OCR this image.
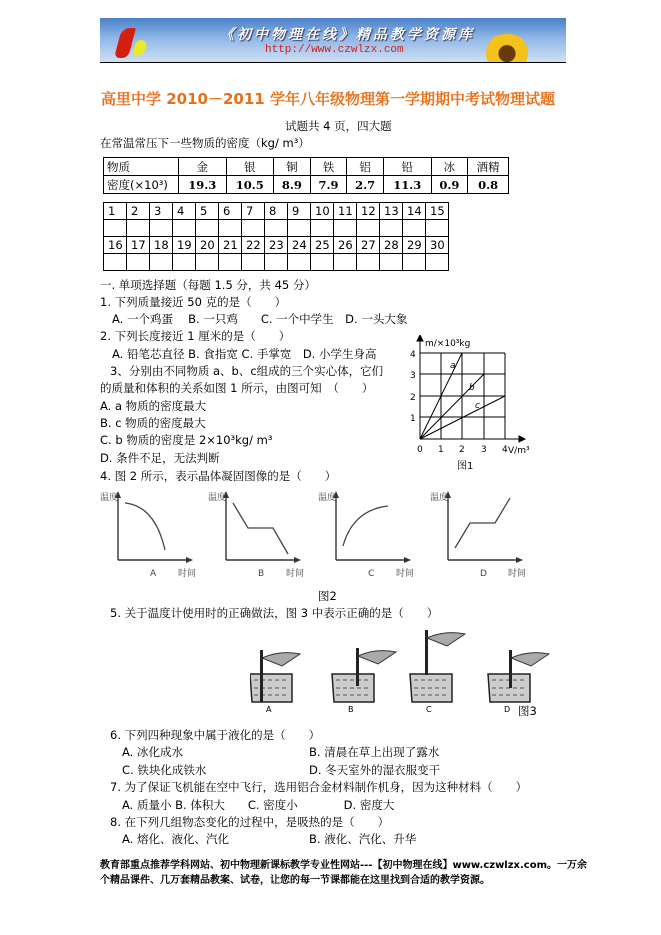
《初中物理在线》精品教学资源库
http://www.czwlzx.com
高里中学 2010－2011 学年八年级物理第一学期期中考试物理试题
试题共 4 页，四大题
在常温常压下一些物质的密度（kg/ m³）
物质	金	银	铜	铁	铝	铅	冰	酒精
密度(×10³)	19.3	10.5	8.9	7.9	2.7	11.3	0.9	0.8
1	2	3	4	5	6	7	8	9	10	11	12	13	14	15

16	17	18	19	20	21	22	23	24	25	26	27	28	29	30

一. 单项选择题（每题 1.5 分，共 45 分）
1. 下列质量接近 50 克的是（　　）
A. 一个鸡蛋　 B. 一只鸡　　C. 一个中学生　D. 一头大象
2. 下列长度接近 1 厘米的是（　　）
A. 铅笔芯直径 B. 食指宽 C. 手掌宽　D. 小学生身高
3、分别由不同物质 a、b、c组成的三个实心体，它们
的质量和体积的关系如图 1 所示，由图可知　（　　）
A. a 物质的密度最大
B. c 物质的密度最大
C. b 物质的密度是 2×10³kg/ m³
D. 条件不足，无法判断
m/×10³kg
V/m³
4
3
2
1
0 1 2 3 4
a
b
c
图1
4. 图 2 所示，表示晶体凝固图像的是（　　）
温度
时间
A
温度
时间
B
温度
时间
C
温度
时间
D
图2
5. 关于温度计使用时的正确做法，图 3 中表示正确的是（　　）
A	B	C	D 图3
6. 下列四种现象中属于液化的是（　　）
A. 冰化成水	B. 清晨在草上出现了露水
C. 铁块化成铁水	D. 冬天室外的湿衣服变干
7. 为了保证飞机能在空中飞行，选用铝合金材料制作机身，因为这种材料（　　）
A. 质量小 B. 体积大　　C. 密度小　　　　D. 密度大
8. 在下列几组物态变化的过程中，是吸热的是（　　）
A. 熔化、液化、汽化	B. 液化、汽化、升华
教育部重点推荐学科网站、初中物理新课标教学专业性网站---【初中物理在线】www.czwlzx.com。一万余个精品课件、几万套精品教案、试卷，让您的每一节课都能在这里找到合适的教学资源。
